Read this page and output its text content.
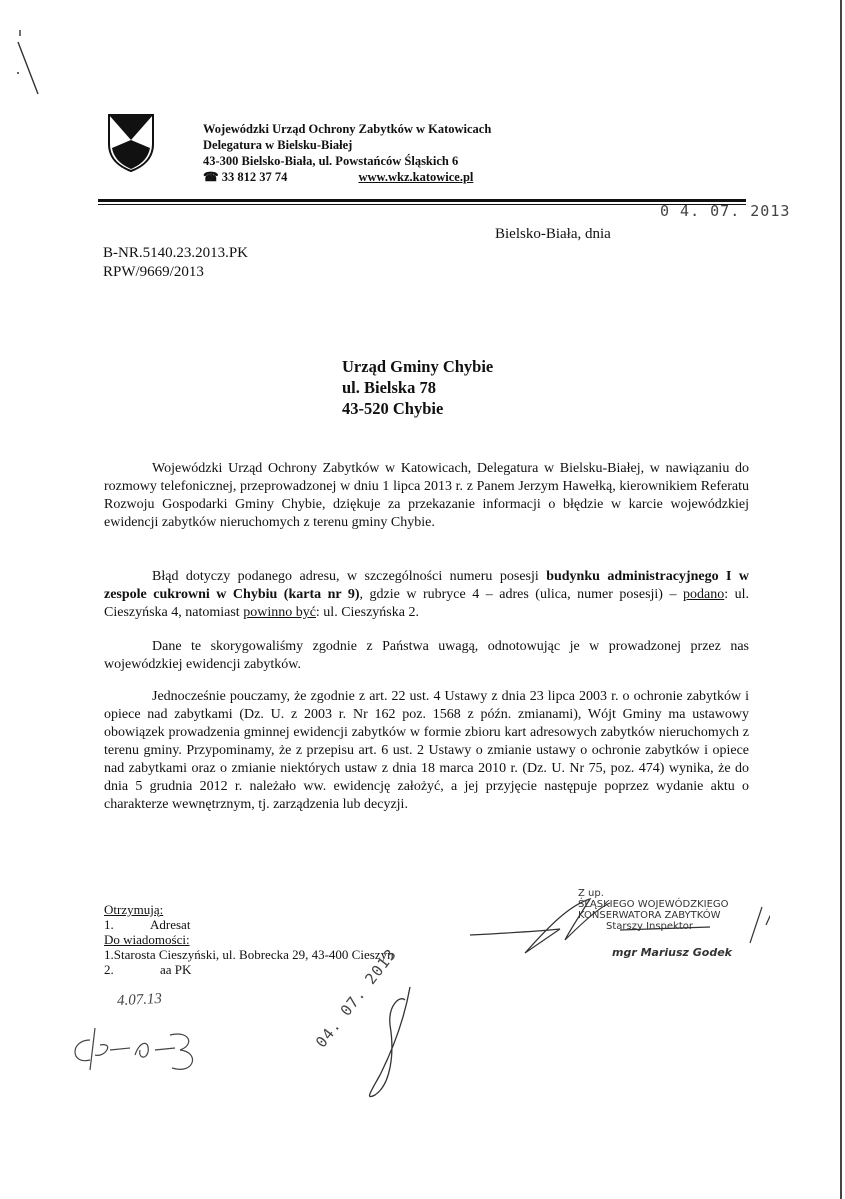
Wojewódzki Urząd Ochrony Zabytków w Katowicach
Delegatura w Bielsku-Białej
43-300 Bielsko-Biała, ul. Powstańców Śląskich 6
☎ 33 812 37 74	www.wkz.katowice.pl
0 4. 07. 2013
Bielsko-Biała, dnia
B-NR.5140.23.2013.PK
RPW/9669/2013
Urząd Gminy Chybie
ul. Bielska 78
43-520 Chybie
Wojewódzki Urząd Ochrony Zabytków w Katowicach, Delegatura w Bielsku-Białej, w nawiązaniu do rozmowy telefonicznej, przeprowadzonej w dniu 1 lipca 2013 r. z Panem Jerzym Hawełką, kierownikiem Referatu Rozwoju Gospodarki Gminy Chybie, dziękuje za przekazanie informacji o błędzie w karcie wojewódzkiej ewidencji zabytków nieruchomych z terenu gminy Chybie.
Błąd dotyczy podanego adresu, w szczególności numeru posesji budynku administracyjnego I w zespole cukrowni w Chybiu (karta nr 9), gdzie w rubryce 4 – adres (ulica, numer posesji) – podano: ul. Cieszyńska 4, natomiast powinno być: ul. Cieszyńska 2.
Dane te skorygowaliśmy zgodnie z Państwa uwagą, odnotowując je w prowadzonej przez nas wojewódzkiej ewidencji zabytków.
Jednocześnie pouczamy, że zgodnie z art. 22 ust. 4 Ustawy z dnia 23 lipca 2003 r. o ochronie zabytków i opiece nad zabytkami (Dz. U. z 2003 r. Nr 162 poz. 1568 z późn. zmianami), Wójt Gminy ma ustawowy obowiązek prowadzenia gminnej ewidencji zabytków w formie zbioru kart adresowych zabytków nieruchomych z terenu gminy. Przypominamy, że z przepisu art. 6 ust. 2 Ustawy o zmianie ustawy o ochronie zabytków i opiece nad zabytkami oraz o zmianie niektórych ustaw z dnia 18 marca 2010 r. (Dz. U. Nr 75, poz. 474) wynika, że do dnia 5 grudnia 2012 r. należało ww. ewidencję założyć, a jej przyjęcie następuje poprzez wydanie aktu o charakterze wewnętrznym, tj. zarządzenia lub decyzji.
Otrzymują:
1.	Adresat
Do wiadomości:
1.Starosta Cieszyński, ul. Bobrecka 29, 43-400 Cieszyn
2.	aa PK
Z up.
ŚLĄSKIEGO WOJEWÓDZKIEGO
KONSERWATORA ZABYTKÓW
Starszy Inspektor
mgr Mariusz Godek
4.07.13	04. 07. 2013
